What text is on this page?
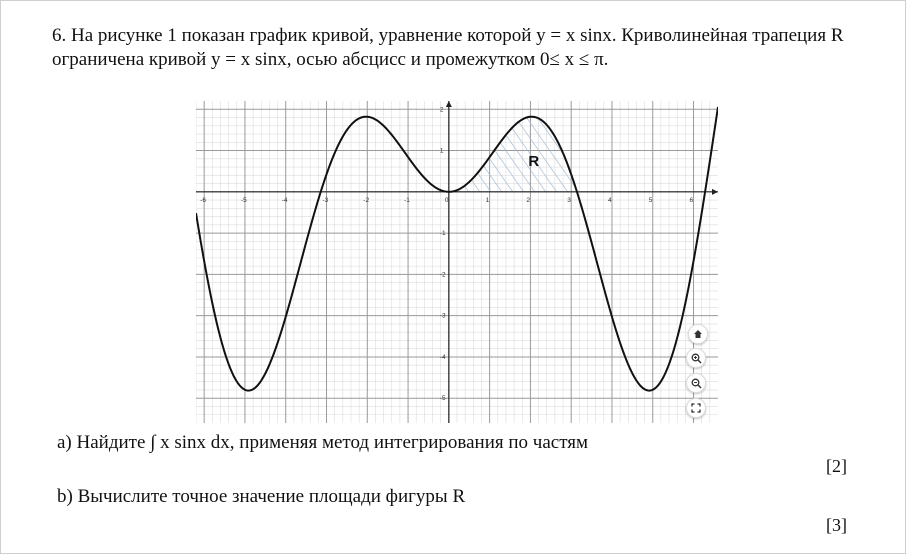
6. На рисунке 1 показан график кривой, уравнение которой y = x sinx. Криволинейная трапеция R
ограничена кривой y = x sinx, осью абсцисс и промежутком 0≤ x ≤ π.
-6	-5	-4	-3	-2	-1	0	1	2	3	4	5	6
-5
-4
-3
-2
-1
1
2
R
a) Найдите ∫ x sinx dx, применяя метод интегрирования по частям
[2]
b) Вычислите точное значение площади фигуры R
[3]
